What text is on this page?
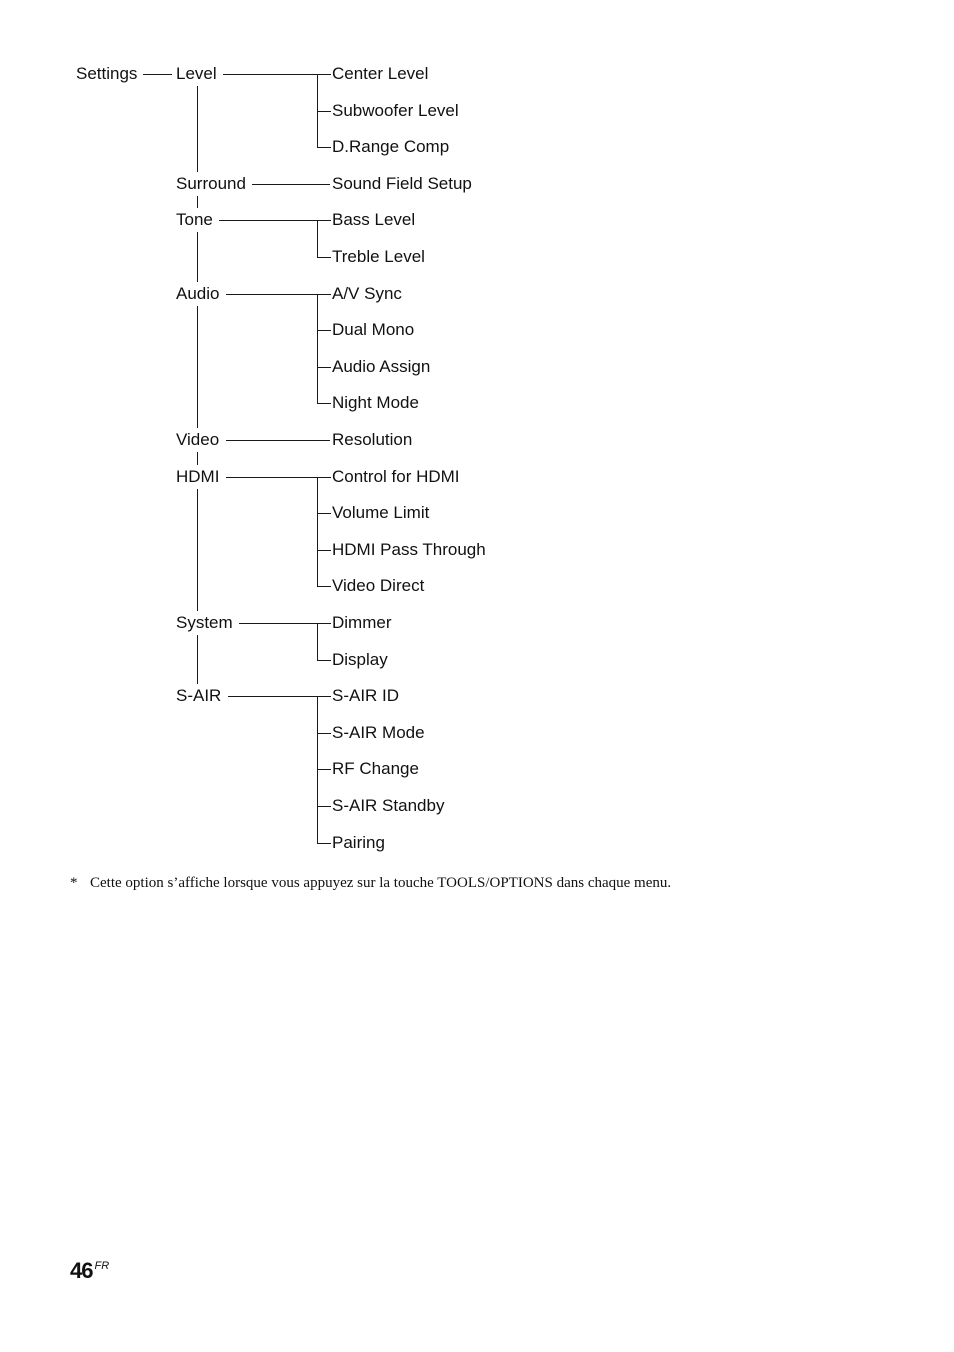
Settings Level	Center Level
Subwoofer Level
D.Range Comp
Surround	Sound Field Setup
Tone	Bass Level
Treble Level
Audio	A/V Sync
Dual Mono
Audio Assign
Night Mode
Video	Resolution
HDMI	Control for HDMI
Volume Limit
HDMI Pass Through
Video Direct
System	Dimmer
Display
S-AIR	S-AIR ID
S-AIR Mode
RF Change
S-AIR Standby
Pairing
* Cette option s’affiche lorsque vous appuyez sur la touche TOOLS/OPTIONS dans chaque menu.
46 $^{FR}$
